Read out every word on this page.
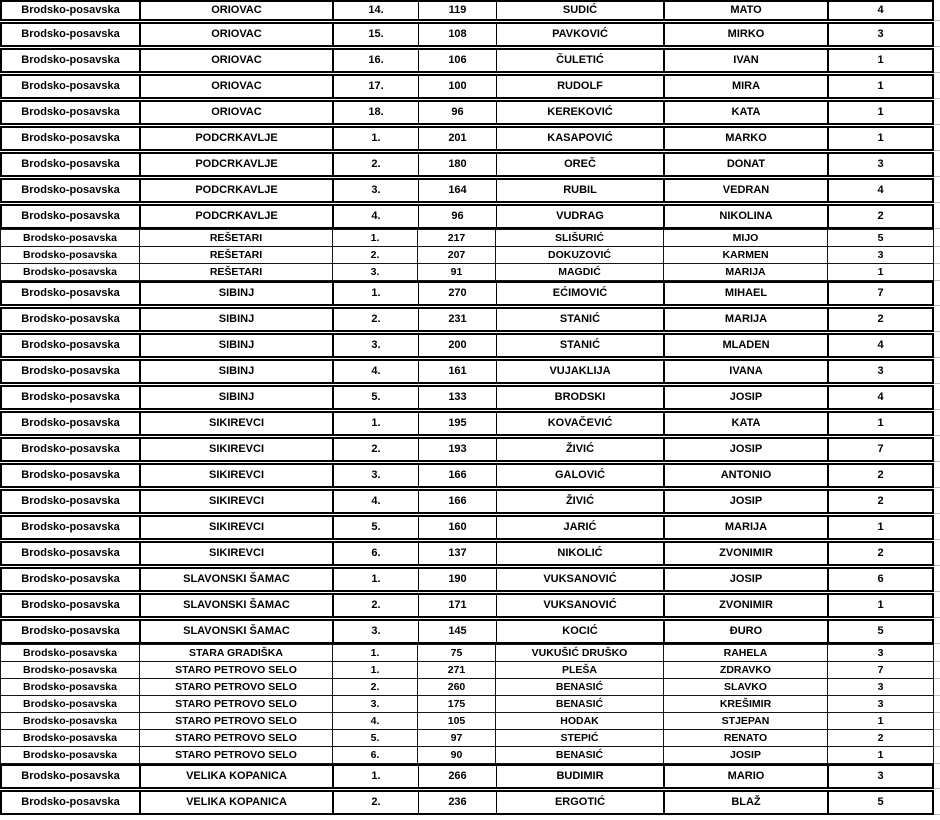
Brodsko-posavska	ORIOVAC	14.	119	SUDIĆ	MATO	4
Brodsko-posavska	ORIOVAC	15.	108	PAVKOVIĆ	MIRKO	3
Brodsko-posavska	ORIOVAC	16.	106	ČULETIĆ	IVAN	1
Brodsko-posavska	ORIOVAC	17.	100	RUDOLF	MIRA	1
Brodsko-posavska	ORIOVAC	18.	96	KEREKOVIĆ	KATA	1
Brodsko-posavska	PODCRKAVLJE	1.	201	KASAPOVIĆ	MARKO	1
Brodsko-posavska	PODCRKAVLJE	2.	180	OREČ	DONAT	3
Brodsko-posavska	PODCRKAVLJE	3.	164	RUBIL	VEDRAN	4
Brodsko-posavska	PODCRKAVLJE	4.	96	VUDRAG	NIKOLINA	2
Brodsko-posavska	REŠETARI	1.	217	SLIŠURIĆ	MIJO	5
Brodsko-posavska	REŠETARI	2.	207	DOKUZOVIĆ	KARMEN	3
Brodsko-posavska	REŠETARI	3.	91	MAGDIĆ	MARIJA	1
Brodsko-posavska	SIBINJ	1.	270	EĆIMOVIĆ	MIHAEL	7
Brodsko-posavska	SIBINJ	2.	231	STANIĆ	MARIJA	2
Brodsko-posavska	SIBINJ	3.	200	STANIĆ	MLADEN	4
Brodsko-posavska	SIBINJ	4.	161	VUJAKLIJA	IVANA	3
Brodsko-posavska	SIBINJ	5.	133	BRODSKI	JOSIP	4
Brodsko-posavska	SIKIREVCI	1.	195	KOVAČEVIĆ	KATA	1
Brodsko-posavska	SIKIREVCI	2.	193	ŽIVIĆ	JOSIP	7
Brodsko-posavska	SIKIREVCI	3.	166	GALOVIĆ	ANTONIO	2
Brodsko-posavska	SIKIREVCI	4.	166	ŽIVIĆ	JOSIP	2
Brodsko-posavska	SIKIREVCI	5.	160	JARIĆ	MARIJA	1
Brodsko-posavska	SIKIREVCI	6.	137	NIKOLIĆ	ZVONIMIR	2
Brodsko-posavska	SLAVONSKI ŠAMAC	1.	190	VUKSANOVIĆ	JOSIP	6
Brodsko-posavska	SLAVONSKI ŠAMAC	2.	171	VUKSANOVIĆ	ZVONIMIR	1
Brodsko-posavska	SLAVONSKI ŠAMAC	3.	145	KOCIĆ	ĐURO	5
Brodsko-posavska	STARA GRADIŠKA	1.	75	VUKUŠIĆ DRUŠKO	RAHELA	3
Brodsko-posavska	STARO PETROVO SELO	1.	271	PLEŠA	ZDRAVKO	7
Brodsko-posavska	STARO PETROVO SELO	2.	260	BENASIĆ	SLAVKO	3
Brodsko-posavska	STARO PETROVO SELO	3.	175	BENASIĆ	KREŠIMIR	3
Brodsko-posavska	STARO PETROVO SELO	4.	105	HODAK	STJEPAN	1
Brodsko-posavska	STARO PETROVO SELO	5.	97	STEPIĆ	RENATO	2
Brodsko-posavska	STARO PETROVO SELO	6.	90	BENASIĆ	JOSIP	1
Brodsko-posavska	VELIKA KOPANICA	1.	266	BUDIMIR	MARIO	3
Brodsko-posavska	VELIKA KOPANICA	2.	236	ERGOTIĆ	BLAŽ	5
